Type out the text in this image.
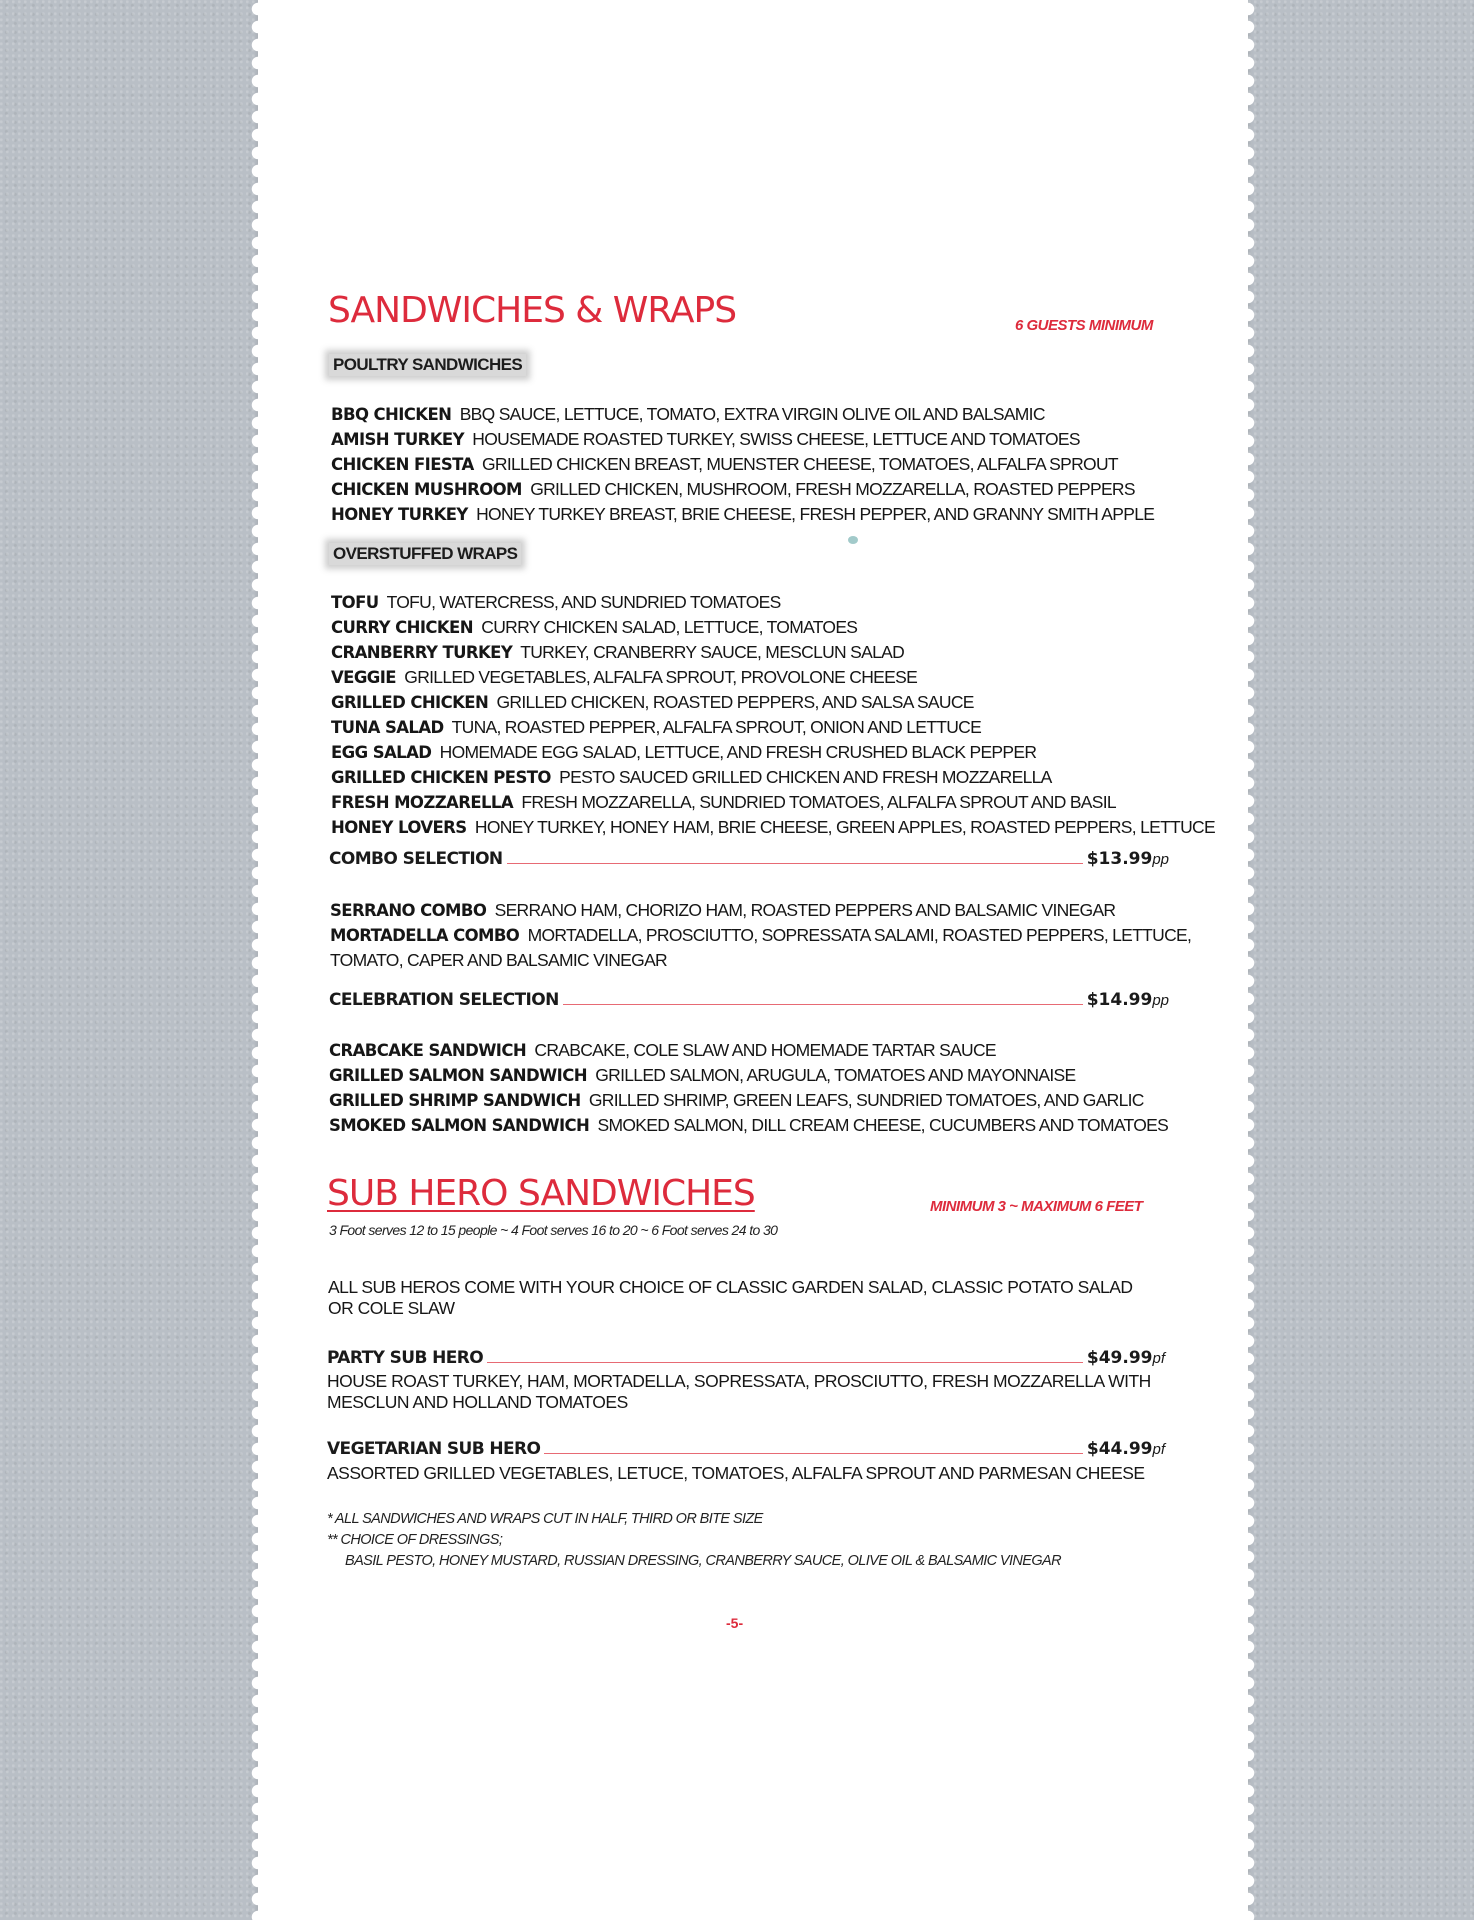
SANDWICHES & WRAPS	6 GUESTS MINIMUM
POULTRY SANDWICHES
BBQ CHICKEN BBQ SAUCE, LETTUCE, TOMATO, EXTRA VIRGIN OLIVE OIL AND BALSAMIC
AMISH TURKEY HOUSEMADE ROASTED TURKEY, SWISS CHEESE, LETTUCE AND TOMATOES
CHICKEN FIESTA GRILLED CHICKEN BREAST, MUENSTER CHEESE, TOMATOES, ALFALFA SPROUT
CHICKEN MUSHROOM GRILLED CHICKEN, MUSHROOM, FRESH MOZZARELLA, ROASTED PEPPERS
HONEY TURKEY HONEY TURKEY BREAST, BRIE CHEESE, FRESH PEPPER, AND GRANNY SMITH APPLE
OVERSTUFFED WRAPS
TOFU TOFU, WATERCRESS, AND SUNDRIED TOMATOES
CURRY CHICKEN CURRY CHICKEN SALAD, LETTUCE, TOMATOES
CRANBERRY TURKEY TURKEY, CRANBERRY SAUCE, MESCLUN SALAD
VEGGIE GRILLED VEGETABLES, ALFALFA SPROUT, PROVOLONE CHEESE
GRILLED CHICKEN GRILLED CHICKEN, ROASTED PEPPERS, AND SALSA SAUCE
TUNA SALAD TUNA, ROASTED PEPPER, ALFALFA SPROUT, ONION AND LETTUCE
EGG SALAD HOMEMADE EGG SALAD, LETTUCE, AND FRESH CRUSHED BLACK PEPPER
GRILLED CHICKEN PESTO PESTO SAUCED GRILLED CHICKEN AND FRESH MOZZARELLA
FRESH MOZZARELLA FRESH MOZZARELLA, SUNDRIED TOMATOES, ALFALFA SPROUT AND BASIL
HONEY LOVERS HONEY TURKEY, HONEY HAM, BRIE CHEESE, GREEN APPLES, ROASTED PEPPERS, LETTUCE
COMBO SELECTION	$13.99 pp
SERRANO COMBO SERRANO HAM, CHORIZO HAM, ROASTED PEPPERS AND BALSAMIC VINEGAR
MORTADELLA COMBO MORTADELLA, PROSCIUTTO, SOPRESSATA SALAMI, ROASTED PEPPERS, LETTUCE,
TOMATO, CAPER AND BALSAMIC VINEGAR
CELEBRATION SELECTION	$14.99 pp
CRABCAKE SANDWICH CRABCAKE, COLE SLAW AND HOMEMADE TARTAR SAUCE
GRILLED SALMON SANDWICH GRILLED SALMON, ARUGULA, TOMATOES AND MAYONNAISE
GRILLED SHRIMP SANDWICH GRILLED SHRIMP, GREEN LEAFS, SUNDRIED TOMATOES, AND GARLIC
SMOKED SALMON SANDWICH SMOKED SALMON, DILL CREAM CHEESE, CUCUMBERS AND TOMATOES
SUB HERO SANDWICHES	MINIMUM 3 ~ MAXIMUM 6 FEET
3 Foot serves 12 to 15 people ~ 4 Foot serves 16 to 20 ~ 6 Foot serves 24 to 30
ALL SUB HEROS COME WITH YOUR CHOICE OF CLASSIC GARDEN SALAD, CLASSIC POTATO SALAD
OR COLE SLAW
PARTY SUB HERO	$49.99 pf
HOUSE ROAST TURKEY, HAM, MORTADELLA, SOPRESSATA, PROSCIUTTO, FRESH MOZZARELLA WITH
MESCLUN AND HOLLAND TOMATOES
VEGETARIAN SUB HERO	$44.99 pf
ASSORTED GRILLED VEGETABLES, LETUCE, TOMATOES, ALFALFA SPROUT AND PARMESAN CHEESE
* ALL SANDWICHES AND WRAPS CUT IN HALF, THIRD OR BITE SIZE
** CHOICE OF DRESSINGS;
BASIL PESTO, HONEY MUSTARD, RUSSIAN DRESSING, CRANBERRY SAUCE, OLIVE OIL & BALSAMIC VINEGAR
-5-
